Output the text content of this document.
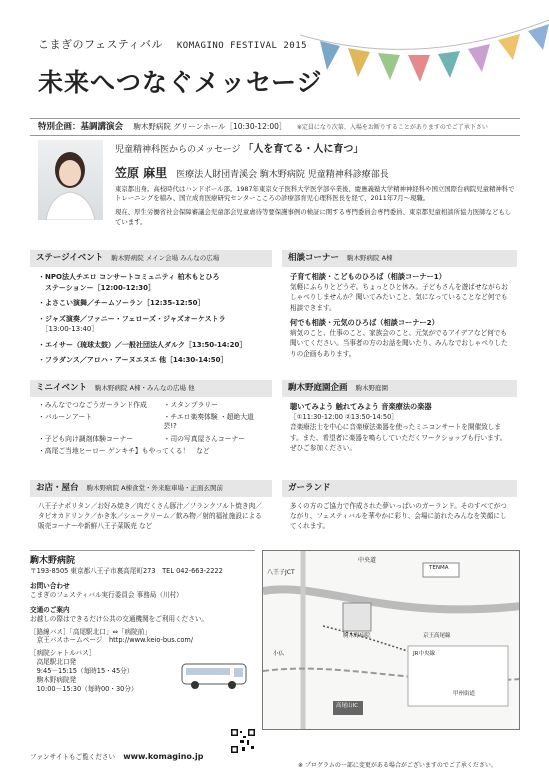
こまぎのフェスティバル KOMAGINO FESTIVAL 2015
未来へつなぐメッセージ
特別企画：基調講演会 駒木野病院 グリーンホール［10:30-12:00］ ※定員になり次第、入場をお断りすることがありますのでご了承下さい
児童精神科医からのメッセージ 「人を育てる・人に育つ」
笠原 麻里 医療法人財団青溪会 駒木野病院 児童精神科診療部長

東京都出身。高校時代はハンドボール部。1987年東京女子医科大学医学部卒業後、慶應義塾大学精神神経科や国立国際台病院児童精神科でトレーニングを積み、国立成育医療研究センターこころの診療部育児心理科医長を経て、2011年7月～現職。

現在、厚生労働省社会保障審議会児童部会児童虐待等要保護事例の検証に関する専門委員会専門委員、東京都児童相談所協力医師などもしています。

ステージイベント 駒木野病院 メイン会場 みんなの広場
・NPO法人チエロ コンサートコミュニティ 柏木もとひろ
　ステーションー［12:00-12:30］
・よさこい演舞／チームソーラン［12:35-12:50］
・ジャズ演奏／ファニー・フェローズ・ジャズオーケストラ
　［13:00-13:40］
・エイサー（琉球太鼓）／一般社団法人ダルク［13:50-14:20］
・フラダンス／アロハ・アーヌエヌエ 他［14:30-14:50］
ミニイベント 駒木野病院 A棟・みんなの広場 他
・みんなでつなごうガーランド作成	・スタンプラリー
・バルーンアート	・チエロ楽奏体験 ・超絶大道芸!?
・子ども向け調剤体験コーナー	・司の写真屋さんコーナー
・高尾ご当地ヒーロー ゲンキチ】もやってくる！　 など
お店・屋台 駒木野病院 A棟食堂・外来駐車場・正面玄関前
八王子ナポリタン／お好み焼き／肉だくさん豚汁／フランクフルト焼き肉／タピオカドリンク／かき氷／シュークリーム／飲み物／射的福祉施設による販売コーナーや新鮮八王子菜販売 など
相談コーナー 駒木野病院 A棟
子育て相談・こどものひろば（相談コーナー1）
気軽にふらりとどうぞ。ちょっとひと休み。子どもさんを遊ばせながらおしゃべりしませんか？聞いてみたいこと、気になっていることなど何でも相談できます。
何でも相談・元気のひろば（相談コーナー2）
病気のこと、仕事のこと、家族会のこと、元気がでるアイデアなど何でも聞いてください。当事者の方のお話を聞いたり、みんなでおしゃべりしたりの企画もあります。
駒木野庭園企画 駒木野庭園
聴いてみよう 触れてみよう 音楽療法の楽器
［①11:30-12:00 ②13:50-14:50］
音楽療法士を中心に音楽療法楽器を使ったミニコンサートを開催致します。また、希望者に楽器を鳴らしていただくワークショップも行います。ぜひご参加ください。
ガーランド
多くの方のご協力で作成された夢いっぱいのガーランド。そのすべてがつながり、フェスティバルを華やかに彩り、会場に訪れたみんなを笑顔にしてくれます。
駒木野病院
〒193-8505 東京都八王子市裏高尾町273　TEL 042-663-2222
お問い合わせ
こまぎのフェスティバル実行委員会 事務局（川村）
交通のご案内
お越しの際はできるだけ公共の交通機関をご利用ください。
［路線バス］「高尾駅北口」⇔「病院前」
　京王バスホームページ　http://www.keio-bus.com/
［病院シャトルバス］
　高尾駅北口発
　9:45－15:15（毎時15・45分）
　駒木野病院発
　10:00－15:30（毎時00・30分）
ファンサイトもご覧ください www.komagino.jp
中央道
八王子JCT
高尾駅
京王高尾線
駒木野病院
TENMA
高尾山IC
JR中央線
小仏
甲州街道
※ プログラムの一部に変更がある場合がございますのでご了承ください。
